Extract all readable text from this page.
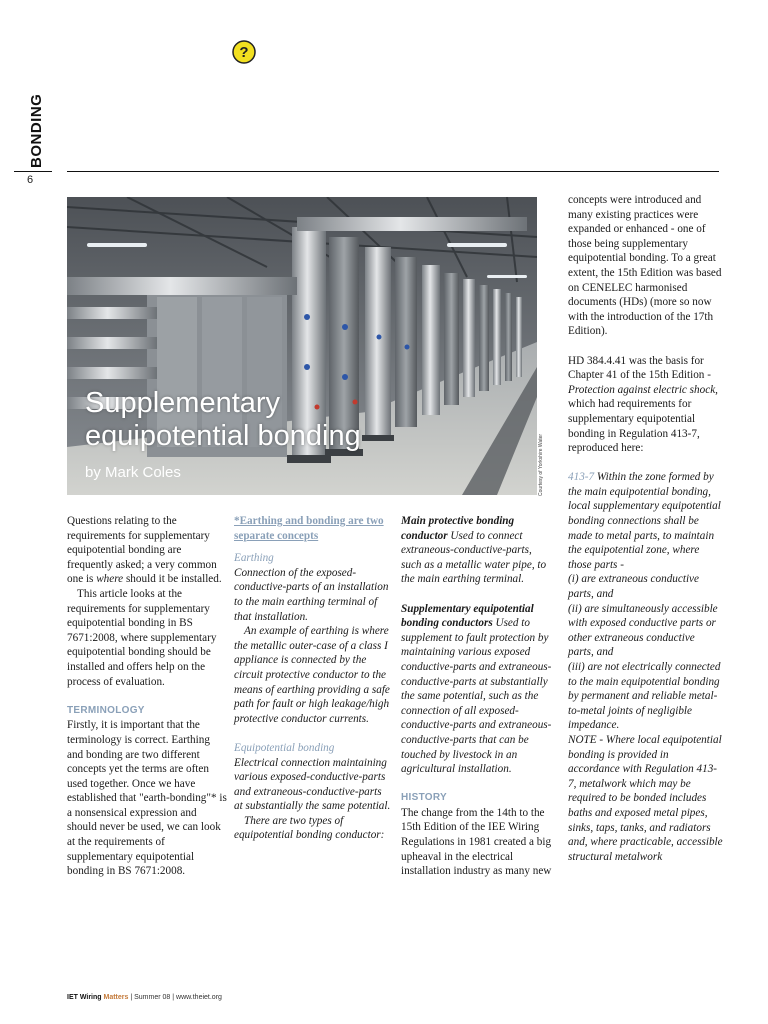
?
BONDING
6
Supplementary
equipotential bonding
by Mark Coles	Courtesy of Yorkshire Water

Questions relating to the requirements for supplementary equipotential bonding are frequently asked; a very common one is where should it be installed.

This article looks at the requirements for supplementary equipotential bonding in BS 7671:2008, where supplementary equipotential bonding should be installed and offers help on the process of evaluation.

TERMINOLOGY

Firstly, it is important that the terminology is correct. Earthing and bonding are two different concepts yet the terms are often used together. Once we have established that "earth-bonding"* is a nonsensical expression and should never be used, we can look at the requirements of supplementary equipotential bonding in BS 7671:2008.

*Earthing and bonding are two separate concepts

Earthing

Connection of the exposed-conductive-parts of an installation to the main earthing terminal of that installation.

An example of earthing is where the metallic outer-case of a class I appliance is connected by the circuit protective conductor to the means of earthing providing a safe path for fault or high leakage/high protective conductor currents.

Equipotential bonding

Electrical connection maintaining various exposed-conductive-parts and extraneous-conductive-parts at substantially the same potential.

There are two types of equipotential bonding conductor:

Main protective bonding conductor Used to connect extraneous-conductive-parts, such as a metallic water pipe, to the main earthing terminal.

Supplementary equipotential bonding conductors Used to supplement to fault protection by maintaining various exposed conductive-parts and extraneous-conductive-parts at substantially the same potential, such as the connection of all exposed-conductive-parts and extraneous-conductive-parts that can be touched by livestock in an agricultural installation.

HISTORY

The change from the 14th to the 15th Edition of the IEE Wiring Regulations in 1981 created a big upheaval in the electrical installation industry as many new

concepts were introduced and many existing practices were expanded or enhanced - one of those being supplementary equipotential bonding. To a great extent, the 15th Edition was based on CENELEC harmonised documents (HDs) (more so now with the introduction of the 17th Edition).

HD 384.4.41 was the basis for Chapter 41 of the 15th Edition - Protection against electric shock, which had requirements for supplementary equipotential bonding in Regulation 413-7, reproduced here:

413-7 Within the zone formed by the main equipotential bonding, local supplementary equipotential bonding connections shall be made to metal parts, to maintain the equipotential zone, where those parts -

(i) are extraneous conductive parts, and

(ii) are simultaneously accessible with exposed conductive parts or other extraneous conductive parts, and

(iii) are not electrically connected to the main equipotential bonding by permanent and reliable metal-to-metal joints of negligible impedance.

NOTE - Where local equipotential bonding is provided in accordance with Regulation 413-7, metalwork which may be required to be bonded includes baths and exposed metal pipes, sinks, taps, tanks, and radiators and, where practicable, accessible structural metalwork

IET Wiring Matters | Summer 08 | www.theiet.org
